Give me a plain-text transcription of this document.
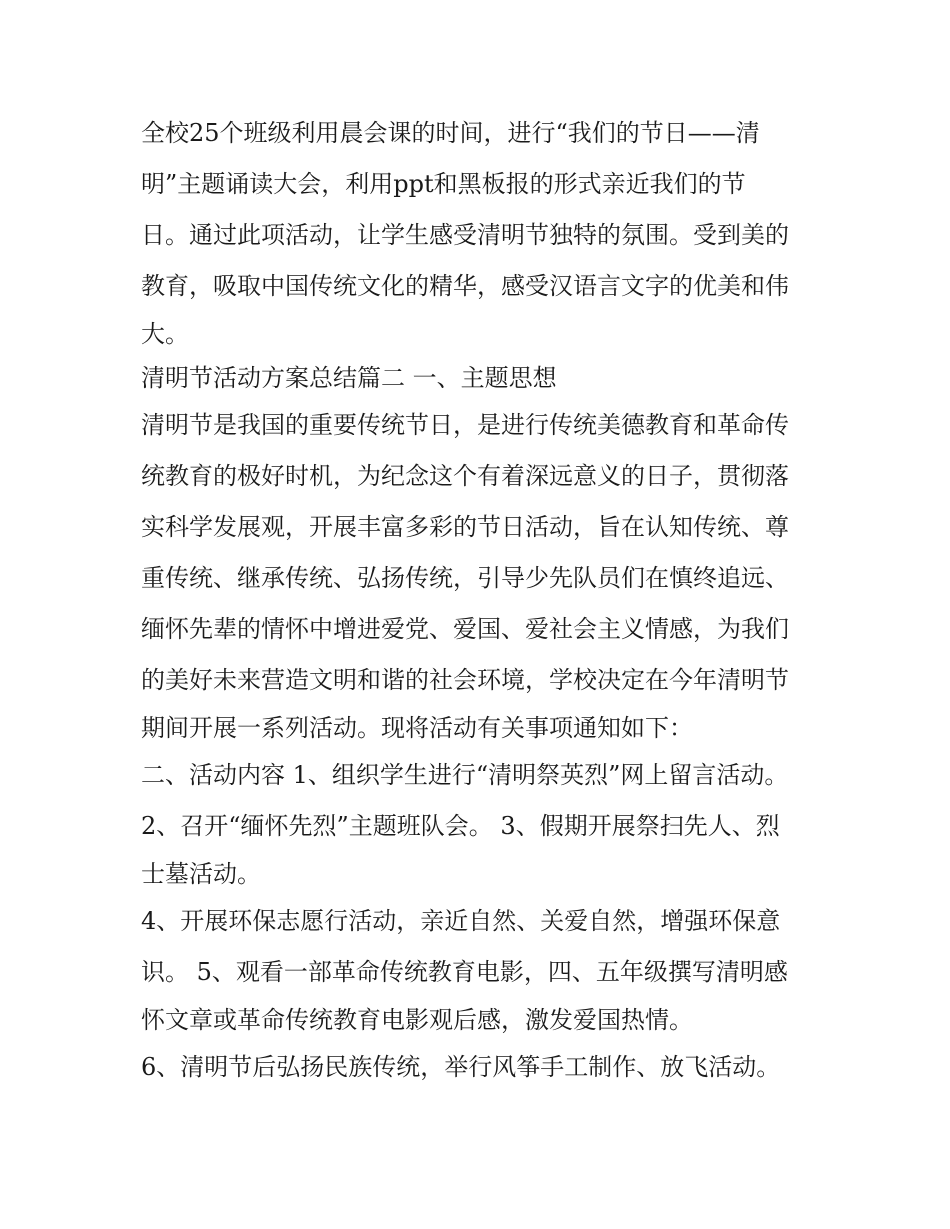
全校25个班级利用晨会课的时间，进行“我们的节日——清
明”主题诵读大会，利用ppt和黑板报的形式亲近我们的节
日。通过此项活动，让学生感受清明节独特的氛围。受到美的
教育，吸取中国传统文化的精华，感受汉语言文字的优美和伟
大。
清明节活动方案总结篇二 一、主题思想
清明节是我国的重要传统节日，是进行传统美德教育和革命传
统教育的极好时机，为纪念这个有着深远意义的日子，贯彻落
实科学发展观，开展丰富多彩的节日活动，旨在认知传统、尊
重传统、继承传统、弘扬传统，引导少先队员们在慎终追远、
缅怀先辈的情怀中增进爱党、爱国、爱社会主义情感，为我们
的美好未来营造文明和谐的社会环境，学校决定在今年清明节
期间开展一系列活动。现将活动有关事项通知如下：
二、活动内容 1、组织学生进行“清明祭英烈”网上留言活动。
2、召开“缅怀先烈”主题班队会。 3、假期开展祭扫先人、烈
士墓活动。
4、开展环保志愿行活动，亲近自然、关爱自然，增强环保意
识。 5、观看一部革命传统教育电影，四、五年级撰写清明感
怀文章或革命传统教育电影观后感，激发爱国热情。
6、清明节后弘扬民族传统，举行风筝手工制作、放飞活动。
